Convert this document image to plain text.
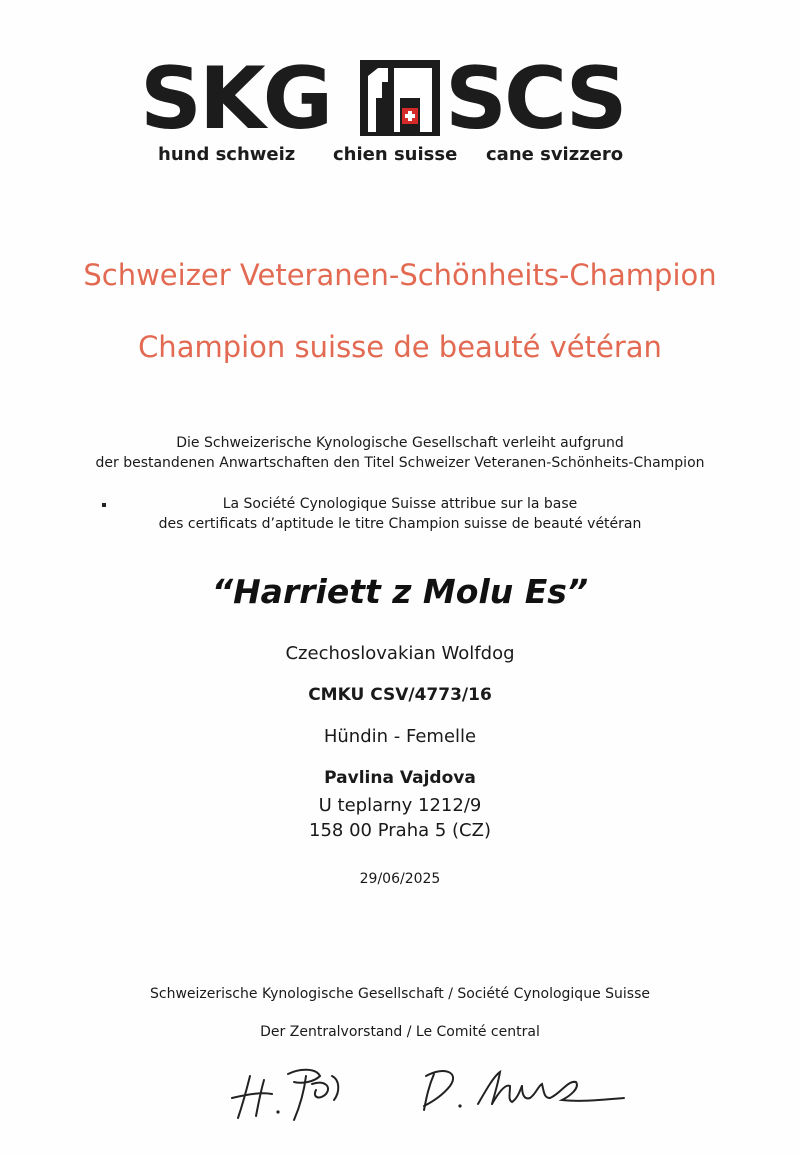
SKG SCS
hund schweiz chien suisse cane svizzero
Schweizer Veteranen-Schönheits-Champion
Champion suisse de beauté vétéran
Die Schweizerische Kynologische Gesellschaft verleiht aufgrund
der bestandenen Anwartschaften den Titel Schweizer Veteranen-Schönheits-Champion
La Société Cynologique Suisse attribue sur la base
des certificats d’aptitude le titre Champion suisse de beauté vétéran
“Harriett z Molu Es”
Czechoslovakian Wolfdog
CMKU CSV/4773/16
Hündin - Femelle
Pavlina Vajdova
U teplarny 1212/9
158 00 Praha 5 (CZ)
29/06/2025
Schweizerische Kynologische Gesellschaft / Société Cynologique Suisse
Der Zentralvorstand / Le Comité central
